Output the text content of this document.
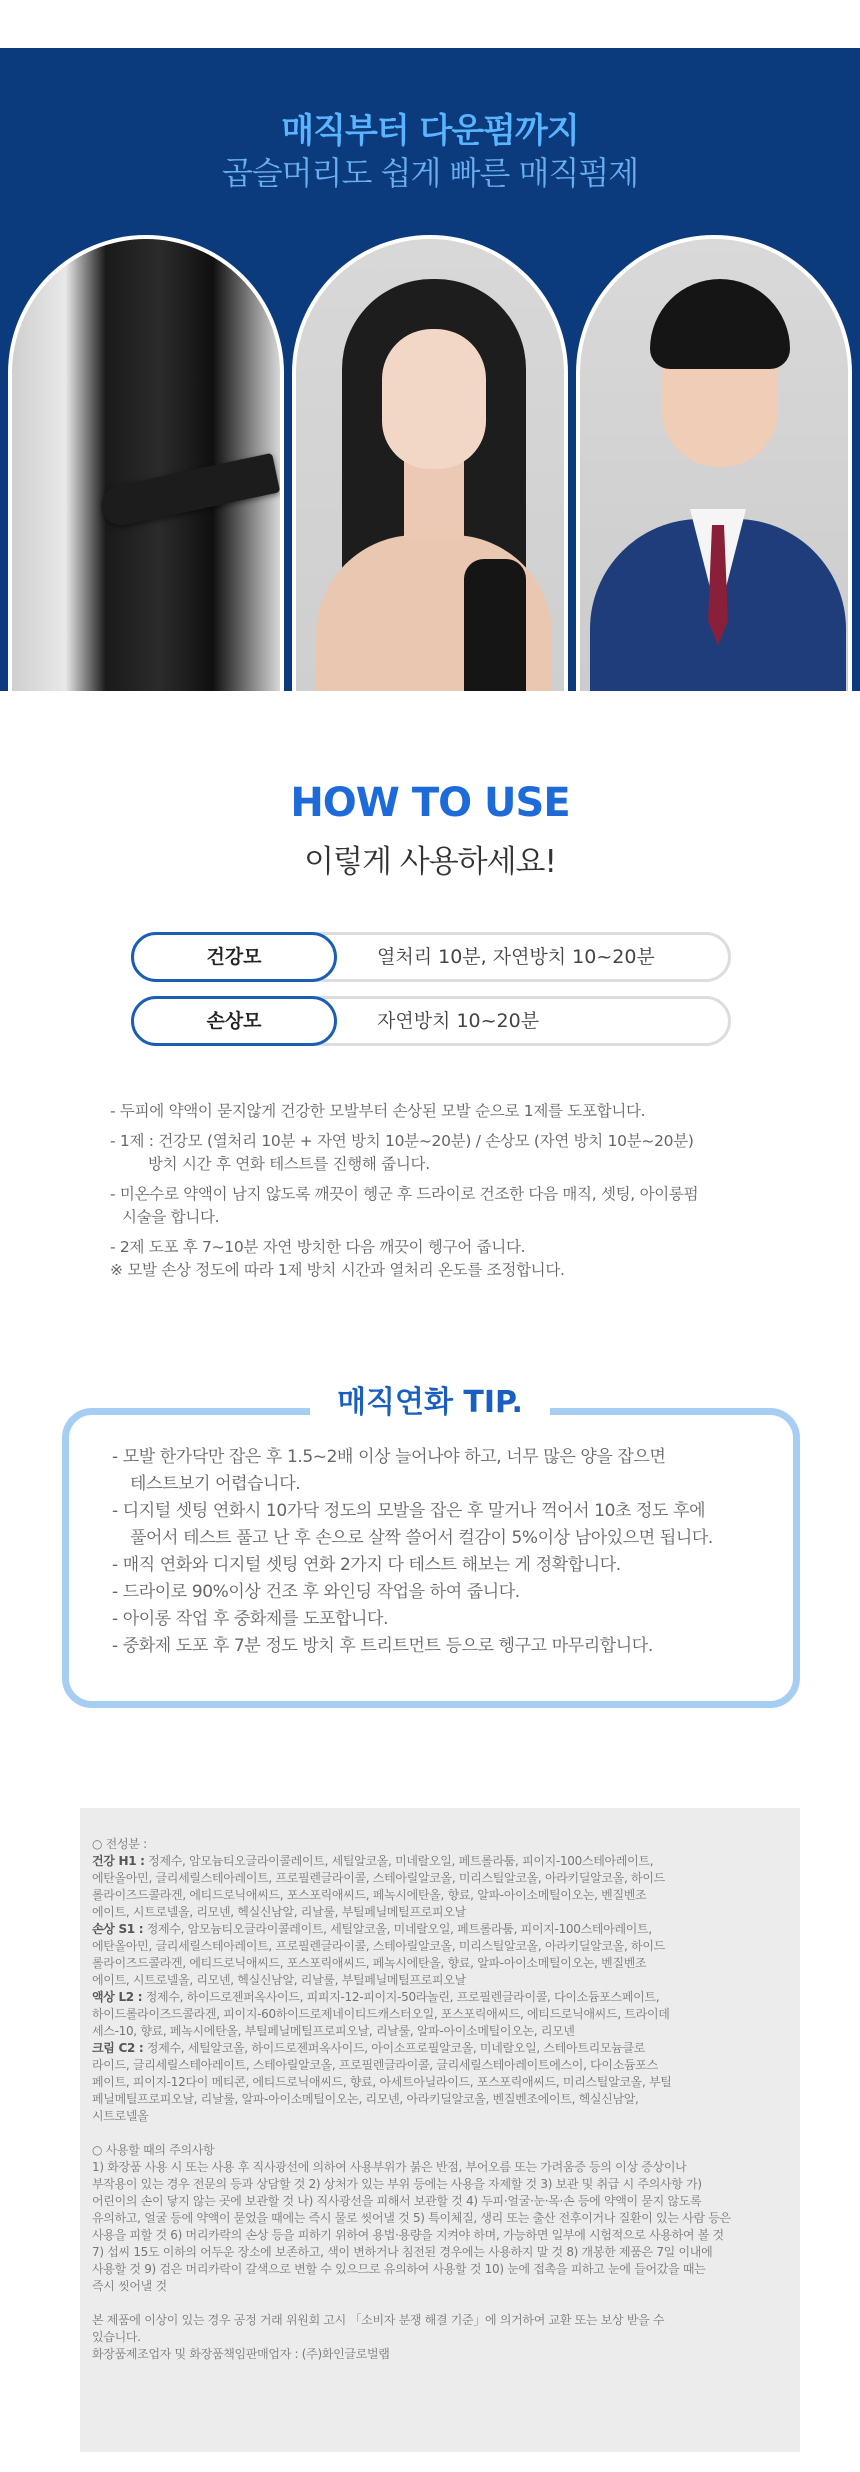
매직부터 다운펌까지
곱슬머리도 쉽게 빠른 매직펌제
HOW TO USE
이렇게 사용하세요!
건강모	열처리 10분, 자연방치 10~20분
손상모	자연방치 10~20분
- 두피에 약액이 묻지않게 건강한 모발부터 손상된 모발 순으로 1제를 도포합니다.
- 1제 : 건강모 (열처리 10분 + 자연 방치 10분~20분) / 손상모 (자연 방치 10분~20분)
방치 시간 후 연화 테스트를 진행해 줍니다.
- 미온수로 약액이 남지 않도록 깨끗이 헹군 후 드라이로 건조한 다음 매직, 셋팅, 아이롱펌
시술을 합니다.
- 2제 도포 후 7~10분 자연 방치한 다음 깨끗이 헹구어 줍니다.
※ 모발 손상 정도에 따라 1제 방치 시간과 열처리 온도를 조정합니다.
매직연화 TIP.
- 모발 한가닥만 잡은 후 1.5~2배 이상 늘어나야 하고, 너무 많은 양을 잡으면
테스트보기 어렵습니다.
- 디지털 셋팅 연화시 10가닥 정도의 모발을 잡은 후 말거나 꺽어서 10초 정도 후에
풀어서 테스트 풀고 난 후 손으로 살짝 쓸어서 컬감이 5%이상 남아있으면 됩니다.
- 매직 연화와 디지털 셋팅 연화 2가지 다 테스트 해보는 게 정확합니다.
- 드라이로 90%이상 건조 후 와인딩 작업을 하여 줍니다.
- 아이롱 작업 후 중화제를 도포합니다.
- 중화제 도포 후 7분 정도 방치 후 트리트먼트 등으로 헹구고 마무리합니다.
○ 전성분 :
건강 H1 : 정제수, 암모늄티오글라이콜레이트, 세틸알코올, 미네랄오일, 페트롤라툼, 피이지-100스테아레이트,
에탄올아민, 글리세릴스테아레이트, 프로필렌글라이콜, 스테아릴알코올, 미리스틸알코올, 아라키딜알코올, 하이드
롤라이즈드콜라겐, 에티드로닉애씨드, 포스포릭애씨드, 페녹시에탄올, 향료, 알파-아이소메틸이오논, 벤질벤조
에이트, 시트로넬올, 리모넨, 헥실신남알, 리날룰, 부틸페닐메틸프로피오날
손상 S1 : 정제수, 암모늄티오글라이콜레이트, 세틸알코올, 미네랄오일, 페트롤라툼, 피이지-100스테아레이트,
에탄올아민, 글리세릴스테아레이트, 프로필렌글라이콜, 스테아릴알코올, 미리스틸알코올, 아라키딜알코올, 하이드
롤라이즈드콜라겐, 에티드로닉애씨드, 포스포릭애씨드, 페녹시에탄올, 향료, 알파-아이소메틸이오논, 벤질벤조
에이트, 시트로넬올, 리모넨, 헥실신남알, 리날룰, 부틸페닐메틸프로피오날
액상 L2 : 정제수, 하이드로젠퍼옥사이드, 피피지-12-피이지-50라놀린, 프로필렌글라이콜, 다이소듐포스페이트,
하이드롤라이즈드콜라겐, 피이지-60하이드로제네이티드캐스터오일, 포스포릭애씨드, 에티드로닉애씨드, 트라이데
세스-10, 향료, 페녹시에탄올, 부틸페닐메틸프로피오날, 리날룰, 알파-아이소메틸이오논, 리모넨
크림 C2 : 정제수, 세틸알코올, 하이드로젠퍼옥사이드, 아이소프로필알코올, 미네랄오일, 스테아트리모늄클로
라이드, 글리세릴스테아레이트, 스테아릴알코올, 프로필렌글라이콜, 글리세릴스테아레이트에스이, 다이소듐포스
페이트, 피이지-12다이 메티콘, 에티드로닉애씨드, 향료, 아세트아닐라이드, 포스포릭애씨드, 미리스틸알코올, 부틸
페닐메틸프로피오날, 리날룰, 알파-아이소메틸이오논, 리모넨, 아라키딜알코올, 벤질벤조에이트, 헥실신남알,
시트로넬올
○ 사용할 때의 주의사항
1) 화장품 사용 시 또는 사용 후 직사광선에 의하여 사용부위가 붉은 반점, 부어오름 또는 가려움증 등의 이상 증상이나
부작용이 있는 경우 전문의 등과 상담할 것 2) 상처가 있는 부위 등에는 사용을 자제할 것 3) 보관 및 취급 시 주의사항 가)
어린이의 손이 닿지 않는 곳에 보관할 것 나) 직사광선을 피해서 보관할 것 4) 두피·얼굴·눈·목·손 등에 약액이 묻지 않도록
유의하고, 얼굴 등에 약액이 묻었을 때에는 즉시 물로 씻어낼 것 5) 특이체질, 생리 또는 출산 전후이거나 질환이 있는 사람 등은
사용을 피할 것 6) 머리카락의 손상 등을 피하기 위하여 용법·용량을 지켜야 하며, 가능하면 일부에 시험적으로 사용하여 볼 것
7) 섭씨 15도 이하의 어두운 장소에 보존하고, 색이 변하거나 침전된 경우에는 사용하지 말 것 8) 개봉한 제품은 7일 이내에
사용할 것 9) 검은 머리카락이 갈색으로 변할 수 있으므로 유의하여 사용할 것 10) 눈에 접촉을 피하고 눈에 들어갔을 때는
즉시 씻어낼 것
본 제품에 이상이 있는 경우 공정 거래 위원회 고시 「소비자 분쟁 해결 기준」에 의거하여 교환 또는 보상 받을 수
있습니다.
화장품제조업자 및 화장품책임판매업자 : (주)화인글로벌랩
